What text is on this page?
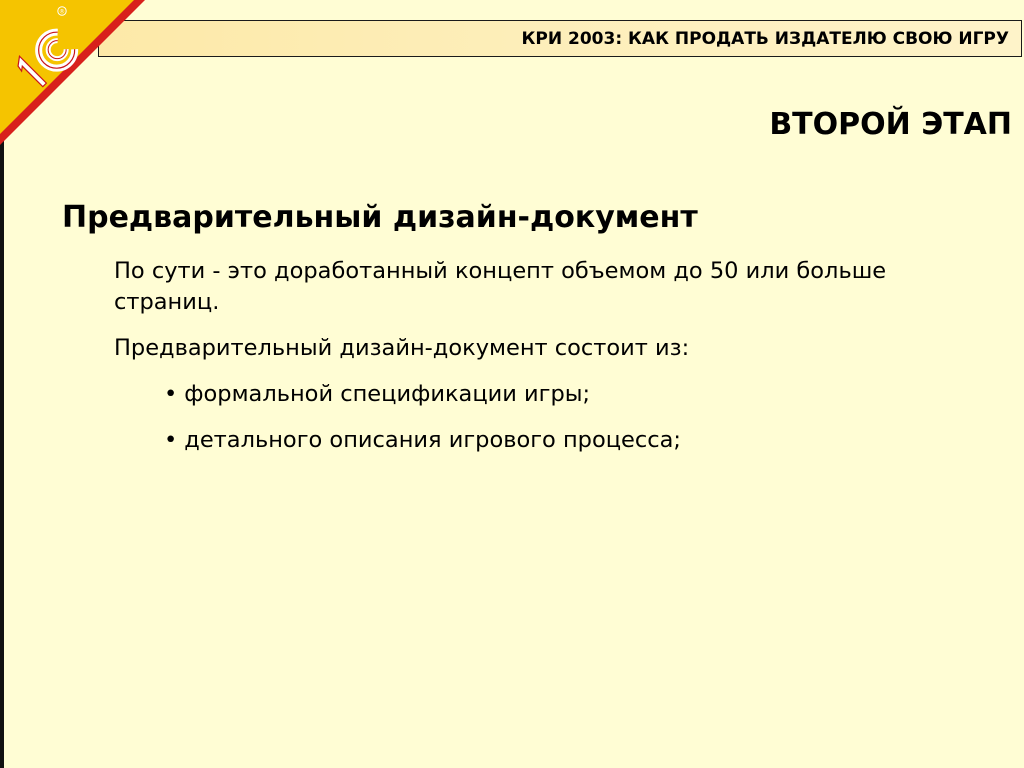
КРИ 2003: КАК ПРОДАТЬ ИЗДАТЕЛЮ СВОЮ ИГРУ
®
ВТОРОЙ ЭТАП
Предварительный дизайн-документ
По сути - это доработанный концепт объемом до 50 или больше страниц.
Предварительный дизайн-документ состоит из:
• формальной спецификации игры;
• детального описания игрового процесса;
